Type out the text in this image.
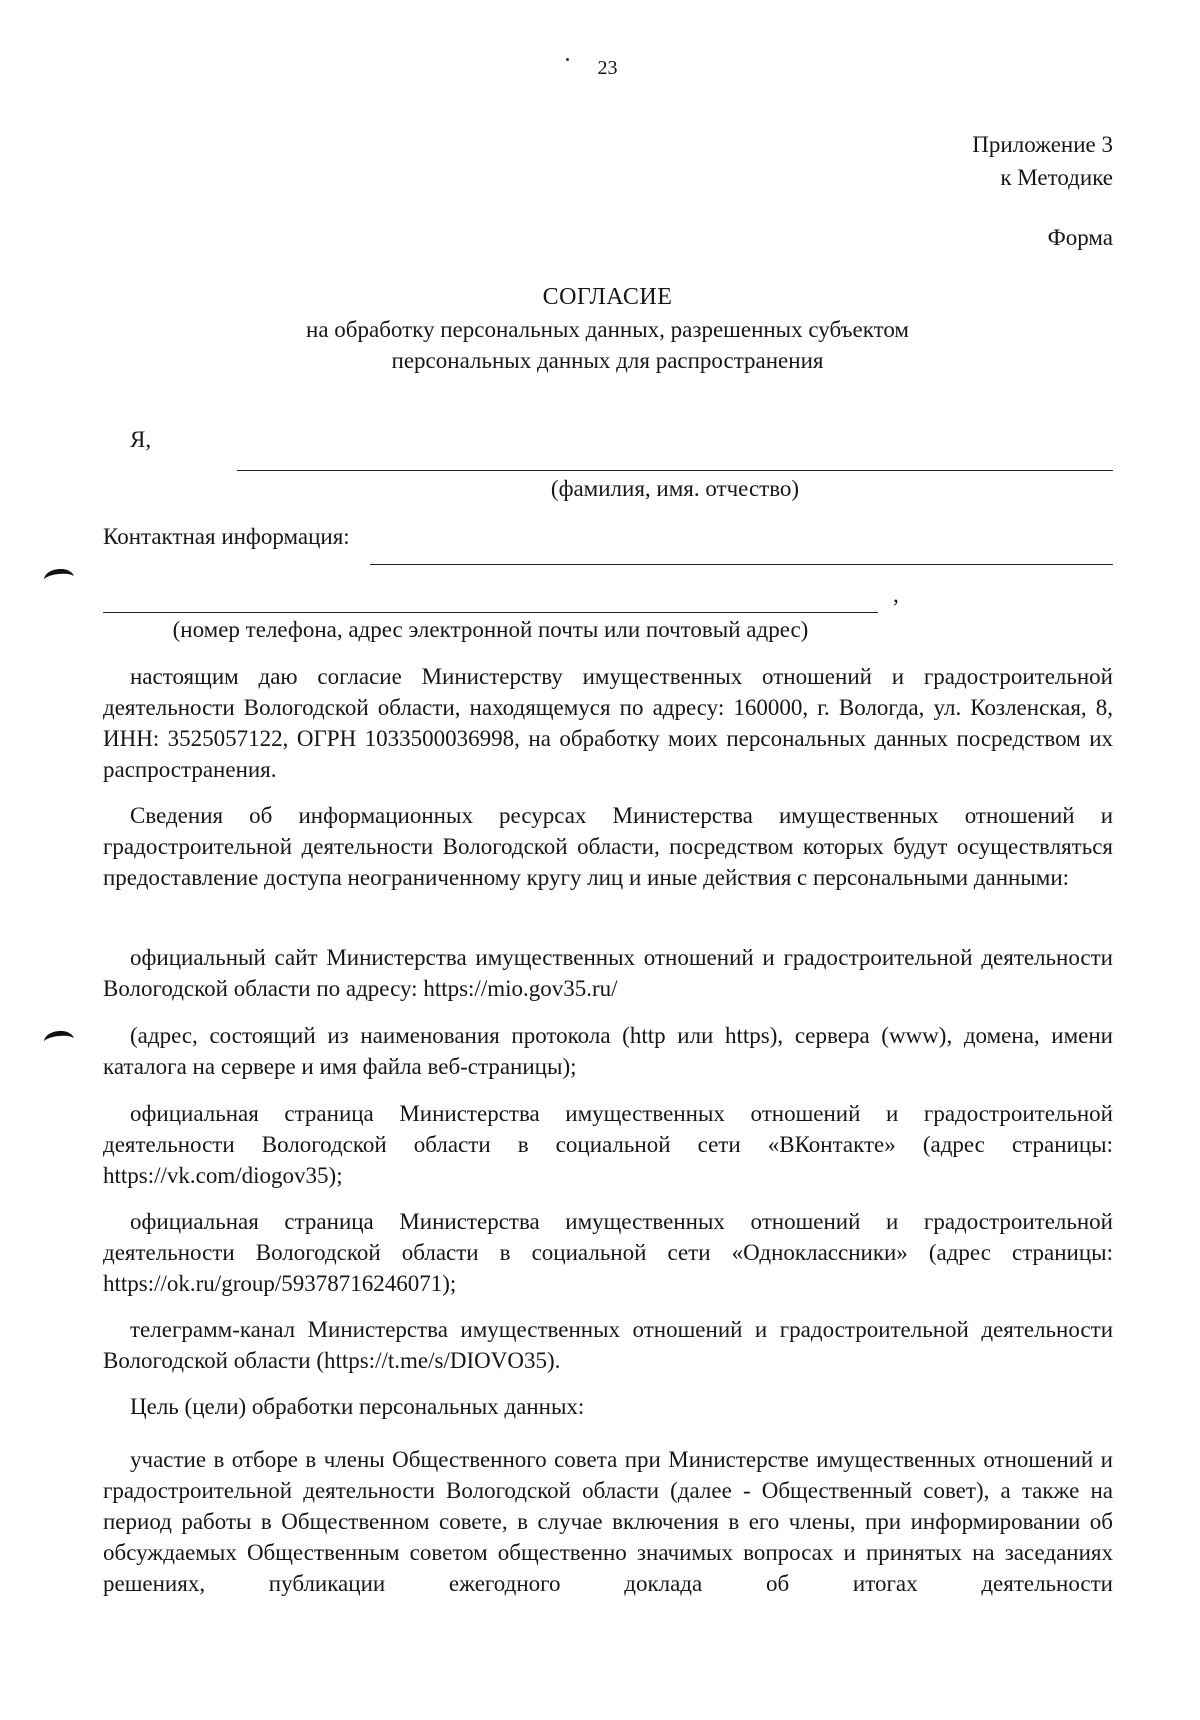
23
Приложение 3
к Методике
Форма
СОГЛАСИЕ
на обработку персональных данных, разрешенных субъектом
персональных данных для распространения
Я,
(фамилия, имя. отчество)
Контактная информация:
,
(номер телефона, адрес электронной почты или почтовый адрес)
настоящим даю согласие Министерству имущественных отношений и градостроительной деятельности Вологодской области, находящемуся по адресу: 160000, г. Вологда, ул. Козленская, 8, ИНН: 3525057122, ОГРН 1033500036998, на обработку моих персональных данных посредством их распространения.
Сведения об информационных ресурсах Министерства имущественных отношений и градостроительной деятельности Вологодской области, посредством которых будут осуществляться предоставление доступа неограниченному кругу лиц и иные действия с персональными данными:
официальный сайт Министерства имущественных отношений и градостроительной деятельности Вологодской области по адресу: https://mio.gov35.ru/
(адрес, состоящий из наименования протокола (http или https), сервера (www), домена, имени каталога на сервере и имя файла веб-страницы);
официальная страница Министерства имущественных отношений и градостроительной деятельности Вологодской области в социальной сети «ВКонтакте» (адрес страницы: https://vk.com/diogov35);
официальная страница Министерства имущественных отношений и градостроительной деятельности Вологодской области в социальной сети «Одноклассники» (адрес страницы: https://ok.ru/group/59378716246071);
телеграмм-канал Министерства имущественных отношений и градостроительной деятельности Вологодской области (https://t.me/s/DIOVO35).
Цель (цели) обработки персональных данных:
участие в отборе в члены Общественного совета при Министерстве имущественных отношений и градостроительной деятельности Вологодской области (далее - Общественный совет), а также на период работы в Общественном совете, в случае включения в его члены, при информировании об обсуждаемых Общественным советом общественно значимых вопросах и принятых на заседаниях решениях, публикации ежегодного доклада об итогах деятельности
